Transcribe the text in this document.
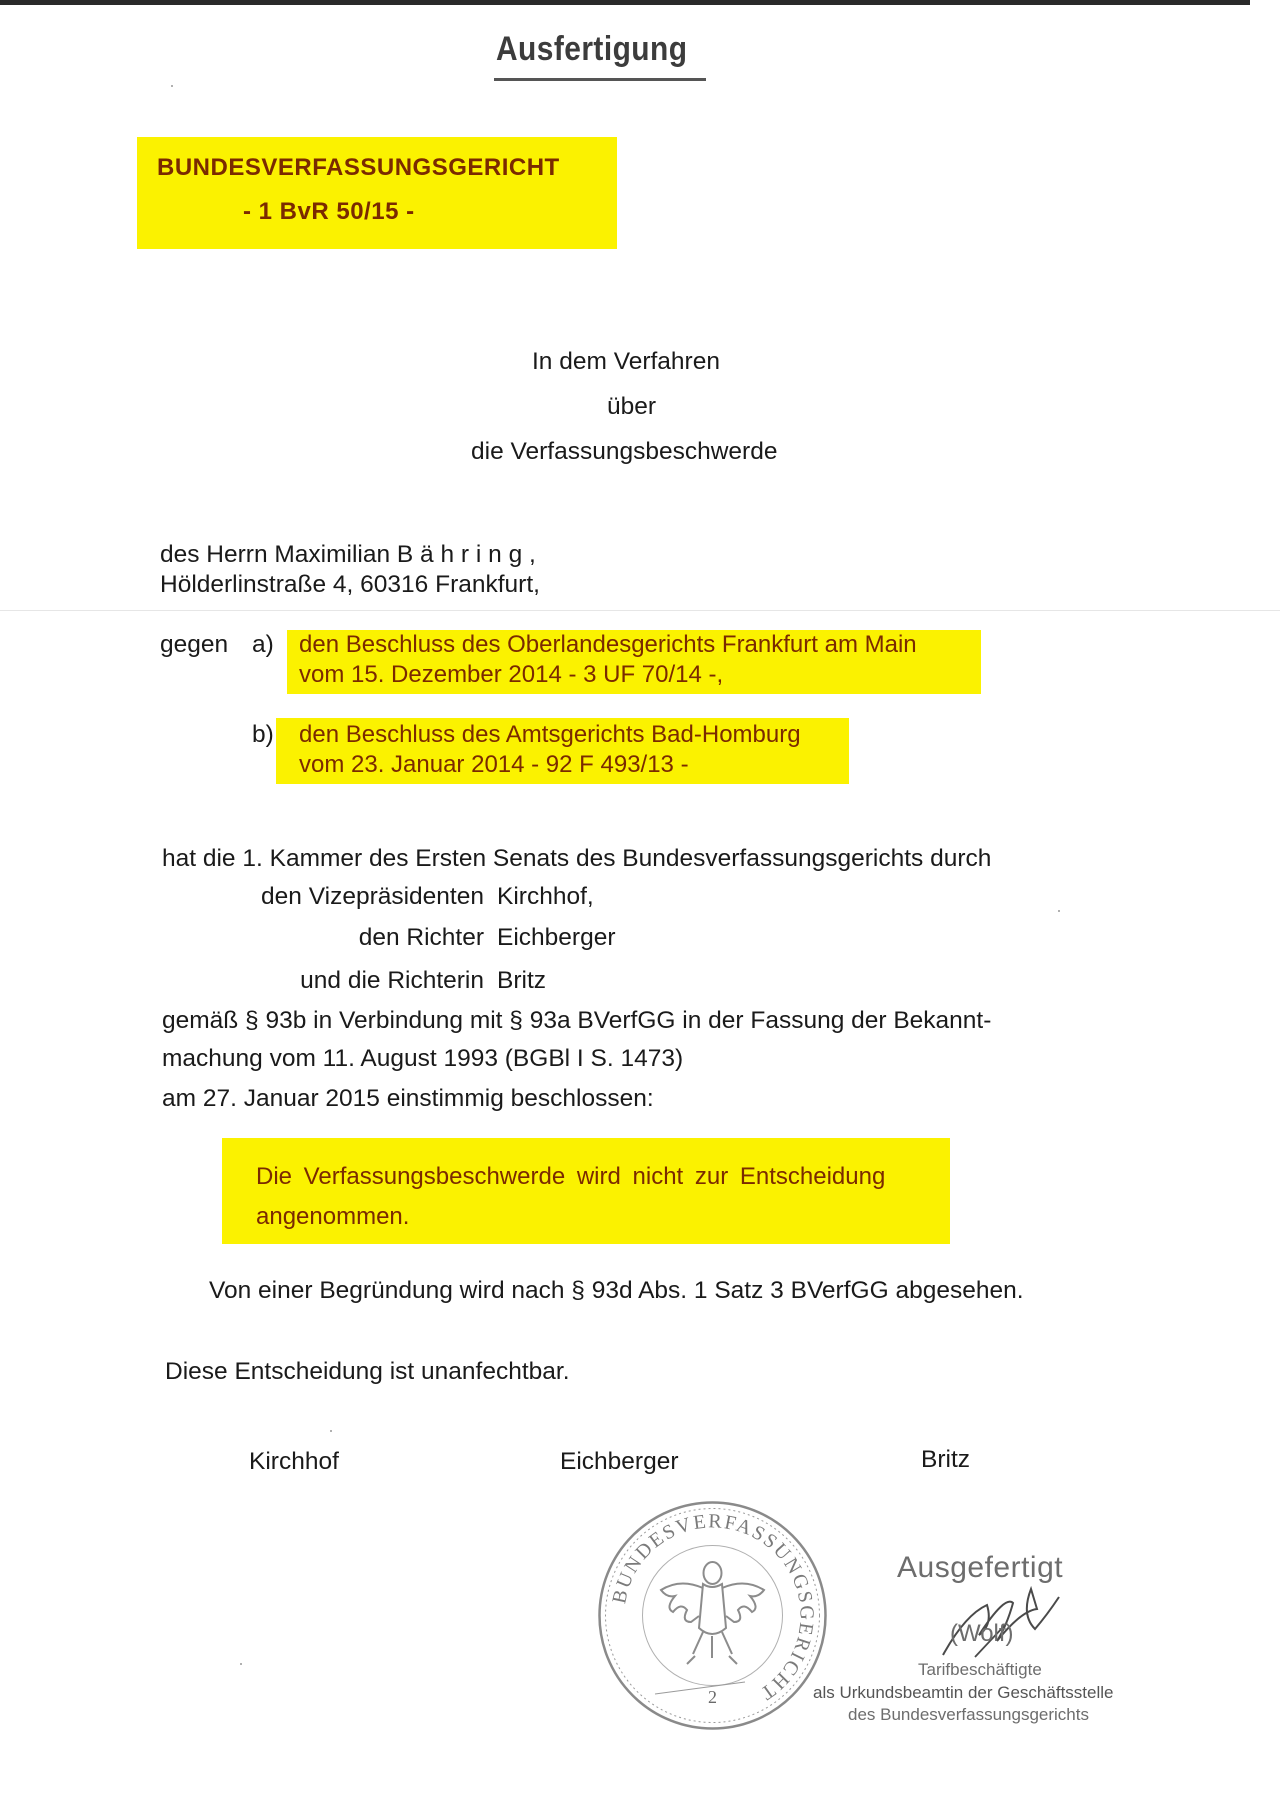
Ausfertigung
BUNDESVERFASSUNGSGERICHT
- 1 BvR 50/15 -
In dem Verfahren
über
die Verfassungsbeschwerde
des Herrn Maximilian B ä h r i n g ,
Hölderlinstraße 4, 60316 Frankfurt,
gegen a) den Beschluss des Oberlandesgerichts Frankfurt am Main
vom 15. Dezember 2014 - 3 UF 70/14 -,
b) den Beschluss des Amtsgerichts Bad-Homburg
vom 23. Januar 2014 - 92 F 493/13 -
hat die 1. Kammer des Ersten Senats des Bundesverfassungsgerichts durch
den Vizepräsidenten Kirchhof,
den Richter Eichberger
und die Richterin Britz
gemäß § 93b in Verbindung mit § 93a BVerfGG in der Fassung der Bekannt-
machung vom 11. August 1993 (BGBl I S. 1473)
am 27. Januar 2015 einstimmig beschlossen:
Die Verfassungsbeschwerde wird nicht zur Entscheidung
angenommen.
Von einer Begründung wird nach § 93d Abs. 1 Satz 3 BVerfGG abgesehen.
Diese Entscheidung ist unanfechtbar.
Kirchhof	Eichberger	Britz
BUNDESVERFASSUNGSGERICHT
2
Ausgefertigt
(Wolf)
Tarifbeschäftigte
als Urkundsbeamtin der Geschäftsstelle
des Bundesverfassungsgerichts
